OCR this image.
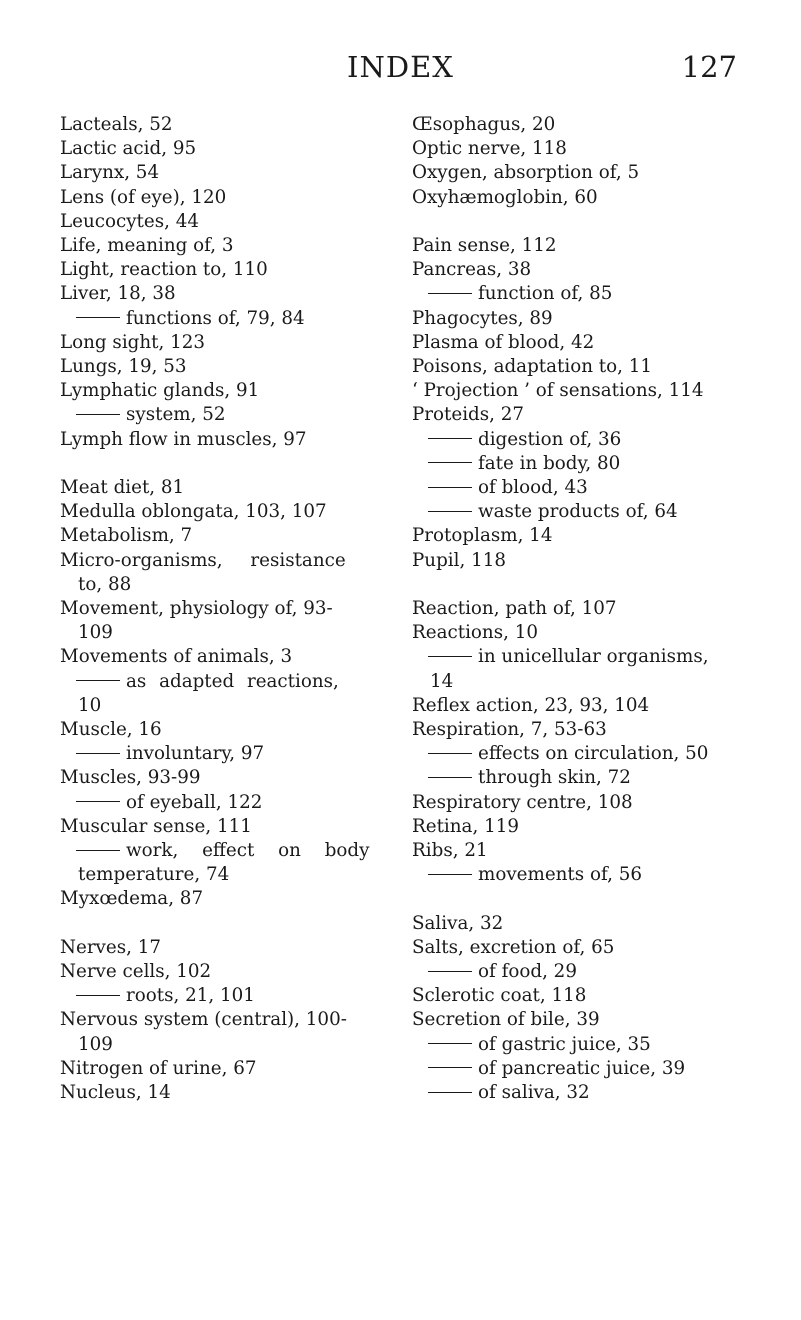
INDEX	127
Lacteals, 52
Lactic acid, 95
Larynx, 54
Lens (of eye), 120
Leucocytes, 44
Life, meaning of, 3
Light, reaction to, 110
Liver, 18, 38
functions of, 79, 84
Long sight, 123
Lungs, 19, 53
Lymphatic glands, 91
system, 52
Lymph flow in muscles, 97
Meat diet, 81
Medulla oblongata, 103, 107
Metabolism, 7
Micro-organisms, resistance
to, 88
Movement, physiology of, 93-
109
Movements of animals, 3
as adapted reactions,
10
Muscle, 16
involuntary, 97
Muscles, 93-99
of eyeball, 122
Muscular sense, 111
work, effect on body
temperature, 74
Myxœdema, 87
Nerves, 17
Nerve cells, 102
roots, 21, 101
Nervous system (central), 100-
109
Nitrogen of urine, 67
Nucleus, 14
Œsophagus, 20
Optic nerve, 118
Oxygen, absorption of, 5
Oxyhæmoglobin, 60
Pain sense, 112
Pancreas, 38
function of, 85
Phagocytes, 89
Plasma of blood, 42
Poisons, adaptation to, 11
‘ Projection ’ of sensations, 114
Proteids, 27
digestion of, 36
fate in body, 80
of blood, 43
waste products of, 64
Protoplasm, 14
Pupil, 118
Reaction, path of, 107
Reactions, 10
in unicellular organisms,
14
Reflex action, 23, 93, 104
Respiration, 7, 53-63
effects on circulation, 50
through skin, 72
Respiratory centre, 108
Retina, 119
Ribs, 21
movements of, 56
Saliva, 32
Salts, excretion of, 65
of food, 29
Sclerotic coat, 118
Secretion of bile, 39
of gastric juice, 35
of pancreatic juice, 39
of saliva, 32
